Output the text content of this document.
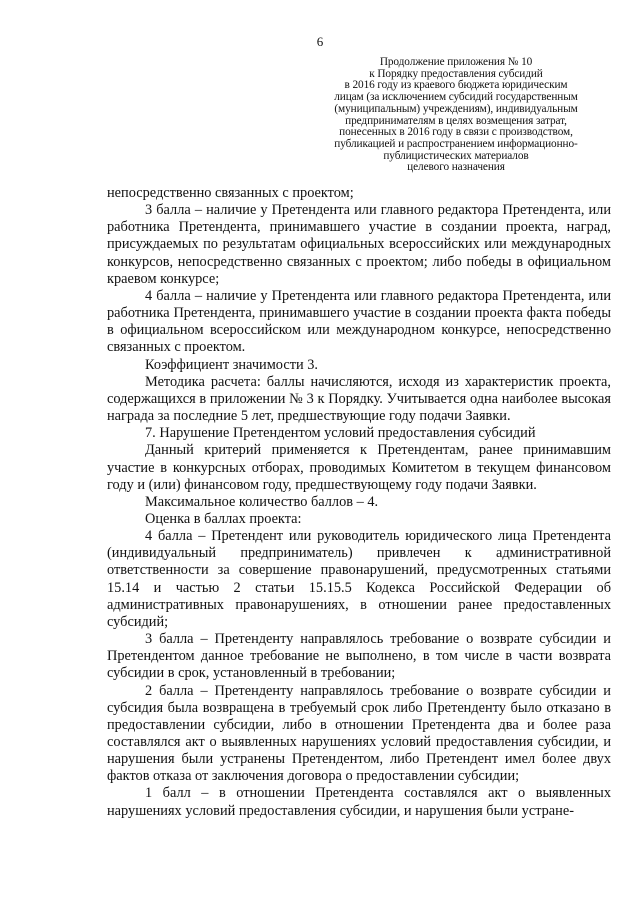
6
Продолжение приложения № 10
к Порядку предоставления субсидий
в 2016 году из краевого бюджета юридическим
лицам (за исключением субсидий государственным
(муниципальным) учреждениям), индивидуальным
предпринимателям в целях возмещения затрат,
понесенных в 2016 году в связи с производством,
публикацией и распространением информационно-
публицистических материалов
целевого назначения

непосредственно связанных с проектом;

3 балла – наличие у Претендента или главного редактора Претендента, или работника Претендента, принимавшего участие в создании проекта, наград, присуждаемых по результатам официальных всероссийских или международных конкурсов, непосредственно связанных с проектом; либо победы в официальном краевом конкурсе;

4 балла – наличие у Претендента или главного редактора Претендента, или работника Претендента, принимавшего участие в создании проекта факта победы в официальном всероссийском или международном конкурсе, непосредственно связанных с проектом.

Коэффициент значимости 3.

Методика расчета: баллы начисляются, исходя из характеристик проекта, содержащихся в приложении № 3 к Порядку. Учитывается одна наиболее высокая награда за последние 5 лет, предшествующие году подачи Заявки.

7. Нарушение Претендентом условий предоставления субсидий

Данный критерий применяется к Претендентам, ранее принимавшим участие в конкурсных отборах, проводимых Комитетом в текущем финансовом году и (или) финансовом году, предшествующему году подачи Заявки.

Максимальное количество баллов – 4.

Оценка в баллах проекта:

4 балла – Претендент или руководитель юридического лица Претендента (индивидуальный предприниматель) привлечен к административной ответственности за совершение правонарушений, предусмотренных статьями 15.14 и частью 2 статьи 15.15.5 Кодекса Российской Федерации об административных правонарушениях, в отношении ранее предоставленных субсидий;

3 балла – Претенденту направлялось требование о возврате субсидии и Претендентом данное требование не выполнено, в том числе в части возврата субсидии в срок, установленный в требовании;

2 балла – Претенденту направлялось требование о возврате субсидии и субсидия была возвращена в требуемый срок либо Претенденту было отказано в предоставлении субсидии, либо в отношении Претендента два и более раза составлялся акт о выявленных нарушениях условий предоставления субсидии, и нарушения были устранены Претендентом, либо Претендент имел более двух фактов отказа от заключения договора о предоставлении субсидии;

1 балл – в отношении Претендента составлялся акт о выявленных нарушениях условий предоставления субсидии, и нарушения были устране-
